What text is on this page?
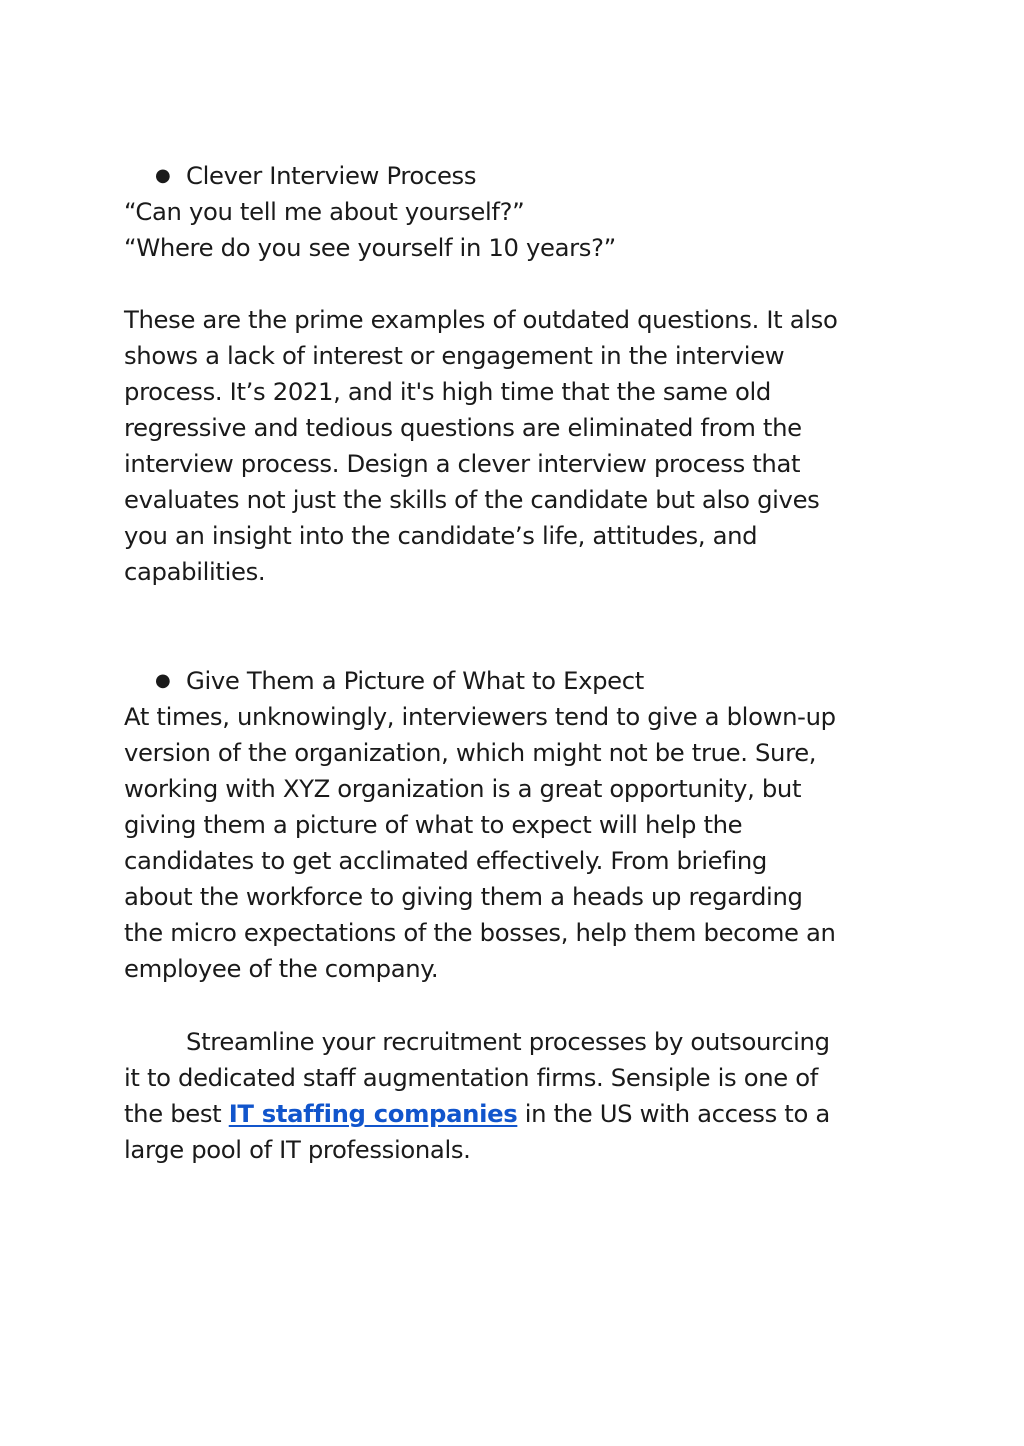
● Clever Interview Process
“Can you tell me about yourself?”
“Where do you see yourself in 10 years?”
These are the prime examples of outdated questions. It also
shows a lack of interest or engagement in the interview
process. It’s 2021, and it's high time that the same old
regressive and tedious questions are eliminated from the
interview process. Design a clever interview process that
evaluates not just the skills of the candidate but also gives
you an insight into the candidate’s life, attitudes, and
capabilities.
● Give Them a Picture of What to Expect
At times, unknowingly, interviewers tend to give a blown-up
version of the organization, which might not be true. Sure,
working with XYZ organization is a great opportunity, but
giving them a picture of what to expect will help the
candidates to get acclimated effectively. From briefing
about the workforce to giving them a heads up regarding
the micro expectations of the bosses, help them become an
employee of the company.
Streamline your recruitment processes by outsourcing
it to dedicated staff augmentation firms. Sensiple is one of
the best IT staffing companies in the US with access to a
large pool of IT professionals.
